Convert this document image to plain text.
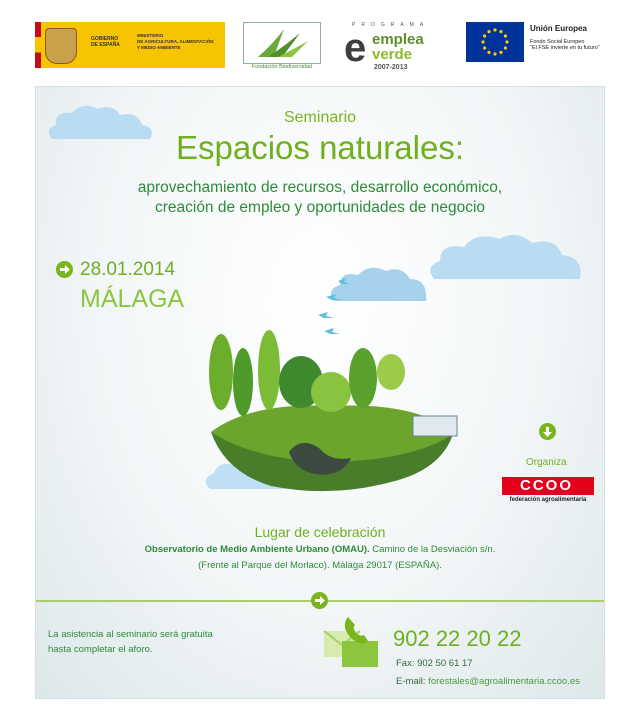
GOBIERNO
DE ESPAÑA
MINISTERIO
DE AGRICULTURA, ALIMENTACIÓN
Y MEDIO AMBIENTE
Fundación Biodiversidad
PROGRAMA
e emplea
verde
2007-2013
Unión Europea
Fondo Social Europeo
"El FSE invierte en tu futuro"
Seminario
Espacios naturales:
aprovechamiento de recursos, desarrollo económico,
creación de empleo y oportunidades de negocio
28.01.2014
MÁLAGA
Organiza
CCOO
federación agroalimentaria
Lugar de celebración
Observatorio de Medio Ambiente Urbano (OMAU). Camino de la Desviación s/n.
(Frente al Parque del Morlaco). Málaga 29017 (ESPAÑA).
La asistencia al seminario será gratuita
hasta completar el aforo.	902 22 20 22
Fax: 902 50 61 17
E-mail: forestales@agroalimentaria.ccoo.es
